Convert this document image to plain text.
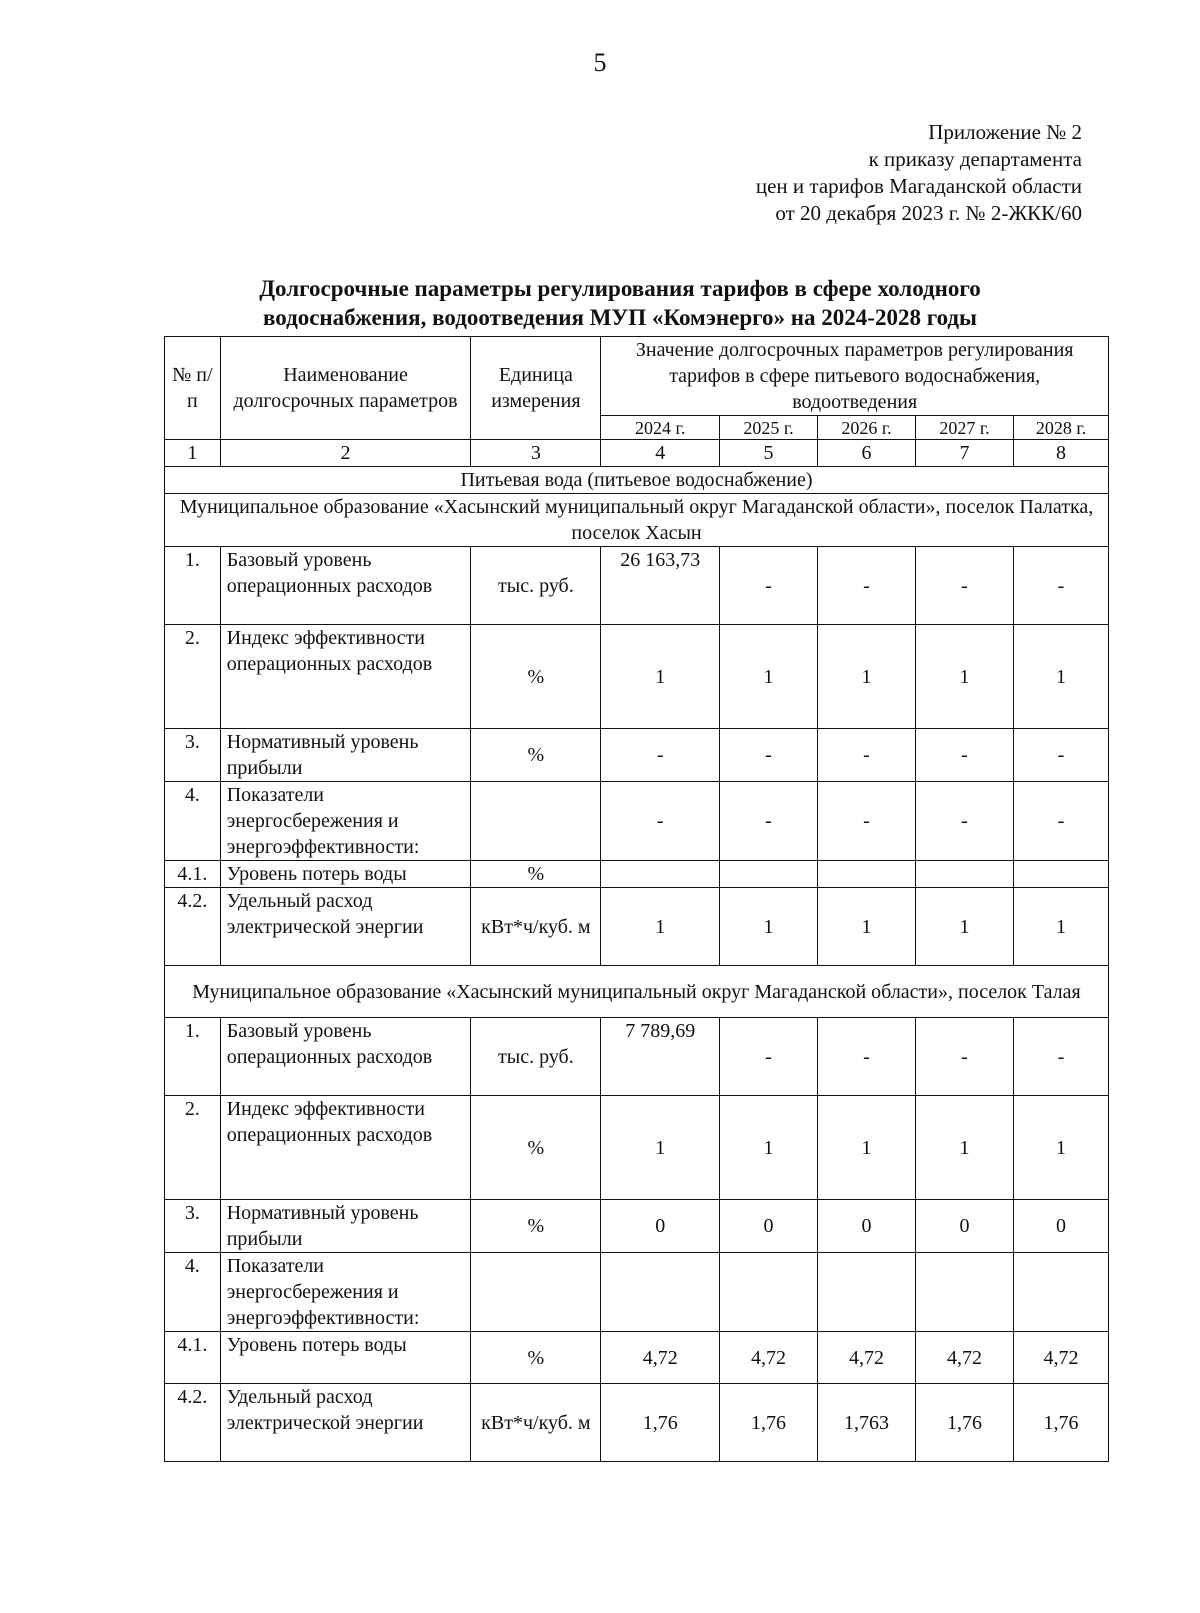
5
Приложение № 2
к приказу департамента
цен и тарифов Магаданской области
от 20 декабря 2023 г. № 2-ЖКК/60
Долгосрочные параметры регулирования тарифов в сфере холодного
водоснабжения, водоотведения МУП «Комэнерго» на 2024-2028 годы
№ п/п	Наименование долгосрочных параметров	Единица измерения	Значение долгосрочных параметров регулирования тарифов в сфере питьевого водоснабжения, водоотведения				
			2024 г.	2025 г.	2026 г.	2027 г.	2028 г.
1	2	3	4	5	6	7	8
Питьевая вода (питьевое водоснабжение)							
Муниципальное образование «Хасынский муниципальный округ Магаданской области», поселок Палатка, поселок Хасын							
1.	Базовый уровень операционных расходов	тыс. руб.	26 163,73	-	-	-	-
2.	Индекс эффективности операционных расходов	%	1	1	1	1	1
3.	Нормативный уровень прибыли	%	-	-	-	-	-
4.	Показатели энергосбережения и энергоэффективности:		-	-	-	-	-
4.1.	Уровень потерь воды	%					
4.2.	Удельный расход электрической энергии	кВт*ч/куб. м	1	1	1	1	1
Муниципальное образование «Хасынский муниципальный округ Магаданской области», поселок Талая							
1.	Базовый уровень операционных расходов	тыс. руб.	7 789,69	-	-	-	-
2.	Индекс эффективности операционных расходов	%	1	1	1	1	1
3.	Нормативный уровень прибыли	%	0	0	0	0	0
4.	Показатели энергосбережения и энергоэффективности:						
4.1.	Уровень потерь воды	%	4,72	4,72	4,72	4,72	4,72
4.2.	Удельный расход электрической энергии	кВт*ч/куб. м	1,76	1,76	1,763	1,76	1,76
